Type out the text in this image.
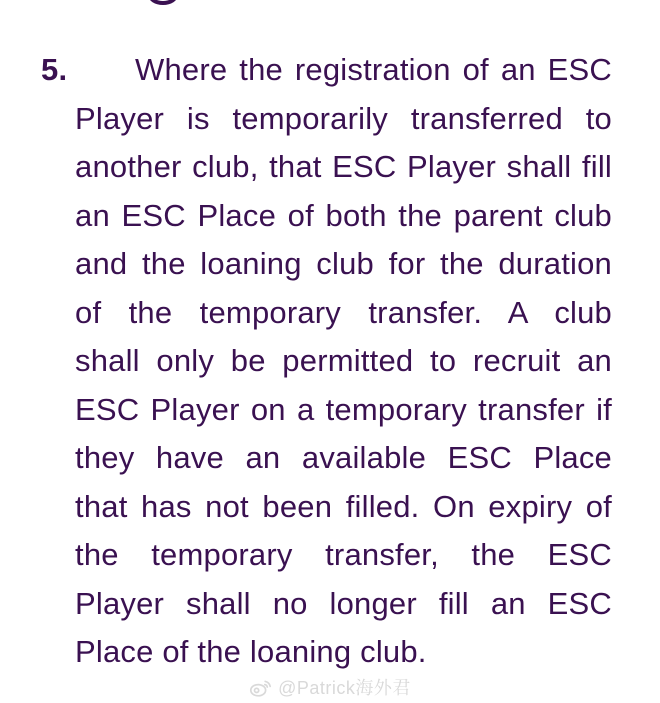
5.	Where the registration of an ESC
Player is temporarily transferred to
another club, that ESC Player shall fill
an ESC Place of both the parent club
and the loaning club for the duration
of the temporary transfer. A club
shall only be permitted to recruit an
ESC Player on a temporary transfer if
they have an available ESC Place
that has not been filled. On expiry of
the temporary transfer, the ESC
Player shall no longer fill an ESC
Place of the loaning club.
@Patrick海外君
